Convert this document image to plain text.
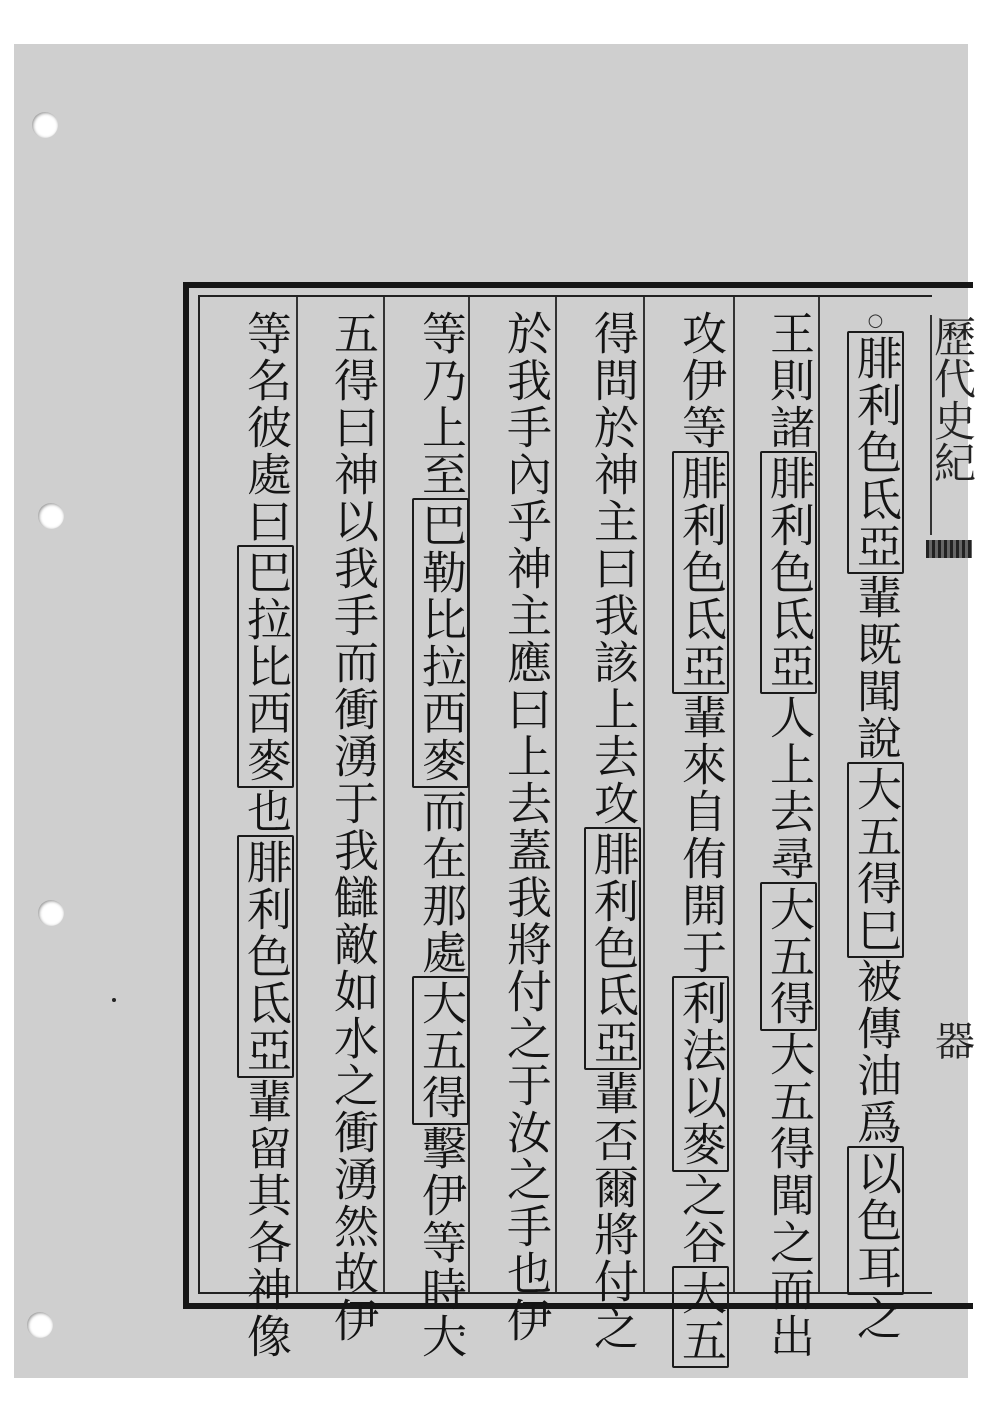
歷代史紀
器
○腓利色氐亞輩既聞說大五得巳被傳油爲以色耳之
王則諸腓利色氐亞人上去尋大五得大五得聞之而出
攻伊等腓利色氐亞輩來自侑開于利法以麥之谷大五
得問於神主曰我該上去攻腓利色氐亞輩否爾將付之
於我手內乎神主應曰上去蓋我將付之于汝之手也伊
等乃上至巴勒比拉西麥而在那處大五得擊伊等時大
五得曰神以我手而衝湧于我讎敵如水之衝湧然故伊
等名彼處曰巴拉比西麥也腓利色氐亞輩留其各神像
